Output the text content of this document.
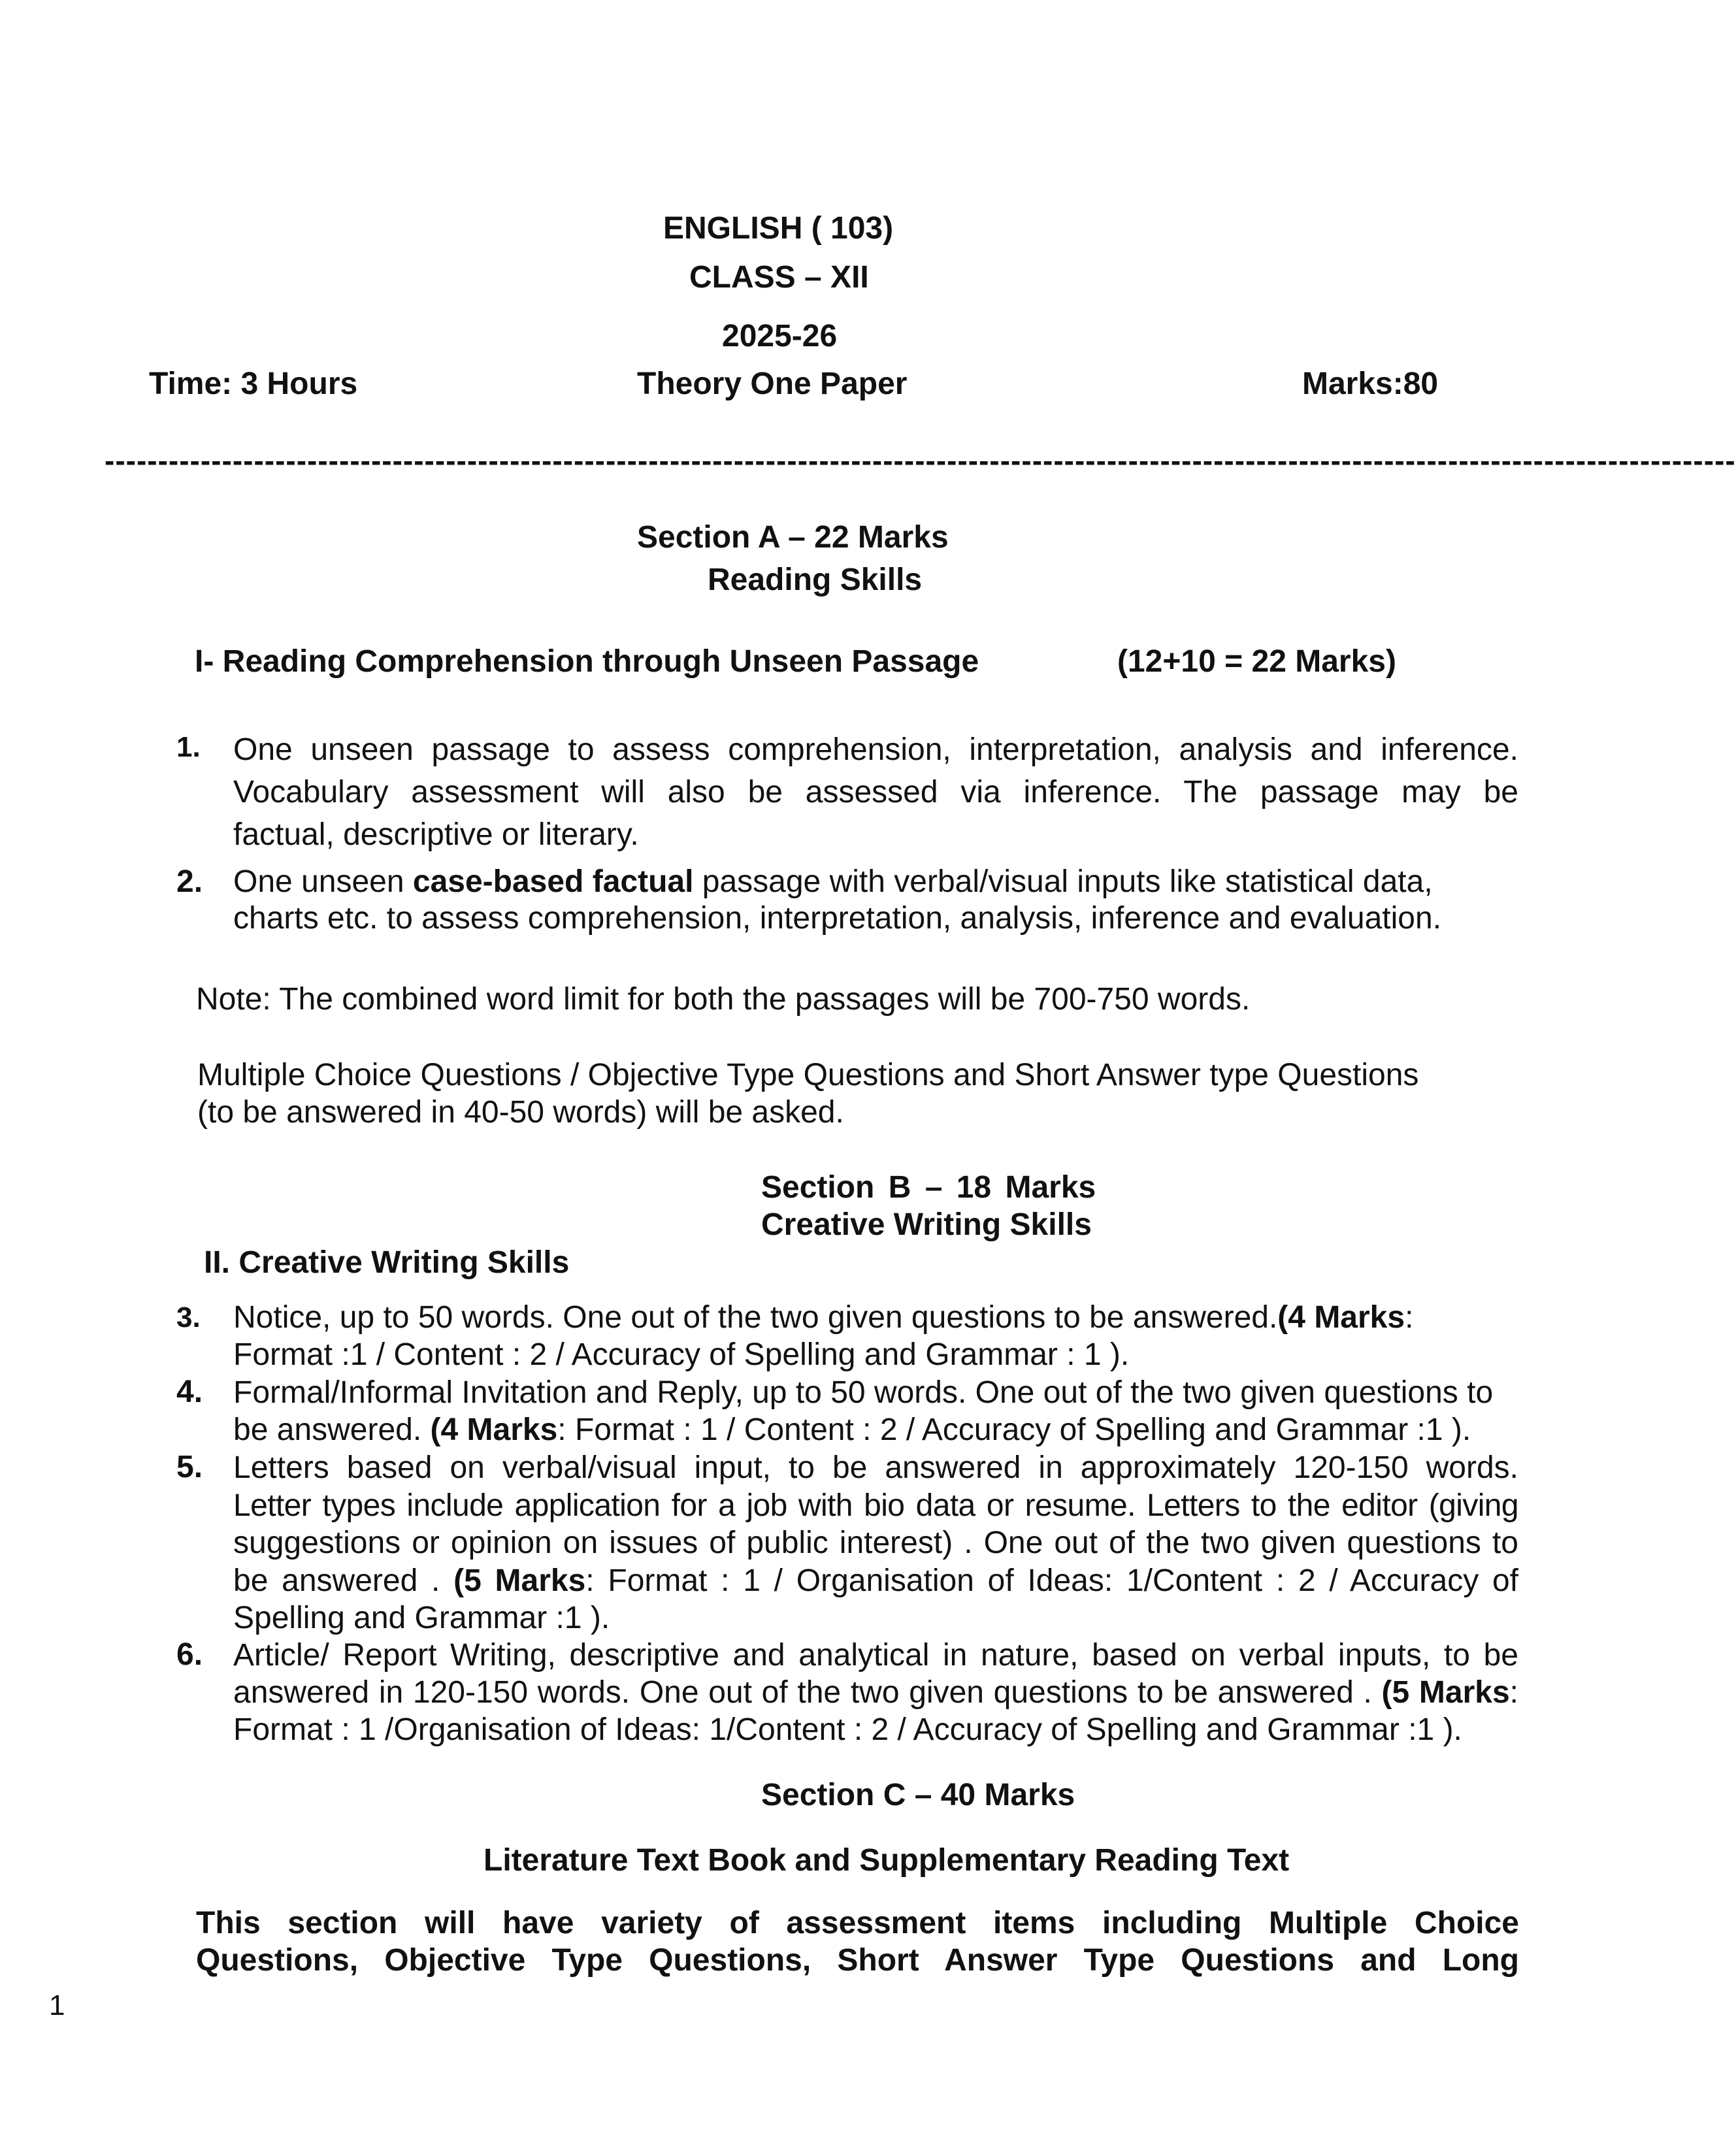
ENGLISH ( 103)
CLASS – XII
2025-26
Time: 3 Hours	Theory One Paper	Marks:80
---------------------------------------------------------------------------------------------------------------------------------------------------------
Section A – 22 Marks
Reading Skills
I- Reading Comprehension through Unseen Passage	(12+10 = 22 Marks)
1.	One unseen passage to assess comprehension, interpretation, analysis and inference.
Vocabulary assessment will also be assessed via inference. The passage may be
factual, descriptive or literary.
2. One unseen case-based factual passage with verbal/visual inputs like statistical data,
charts etc. to assess comprehension, interpretation, analysis, inference and evaluation.
Note: The combined word limit for both the passages will be 700-750 words.
Multiple Choice Questions / Objective Type Questions and Short Answer type Questions
(to be answered in 40-50 words) will be asked.
Section B – 18 Marks
Creative Writing Skills
II. Creative Writing Skills
3.	Notice, up to 50 words. One out of the two given questions to be answered.(4 Marks:
Format :1 / Content : 2 / Accuracy of Spelling and Grammar : 1 ).
4. Formal/Informal Invitation and Reply, up to 50 words. One out of the two given questions to
be answered. (4 Marks: Format : 1 / Content : 2 / Accuracy of Spelling and Grammar :1 ).
5. Letters based on verbal/visual input, to be answered in approximately 120-150 words.
Letter types include application for a job with bio data or resume. Letters to the editor (giving
suggestions or opinion on issues of public interest) . One out of the two given questions to
be answered . (5 Marks: Format : 1 / Organisation of Ideas: 1/Content : 2 / Accuracy of
Spelling and Grammar :1 ).
6. Article/ Report Writing, descriptive and analytical in nature, based on verbal inputs, to be
answered in 120-150 words. One out of the two given questions to be answered . (5 Marks:
Format : 1 /Organisation of Ideas: 1/Content : 2 / Accuracy of Spelling and Grammar :1 ).
Section C – 40 Marks
Literature Text Book and Supplementary Reading Text
This section will have variety of assessment items including Multiple Choice
Questions, Objective Type Questions, Short Answer Type Questions and Long
1
